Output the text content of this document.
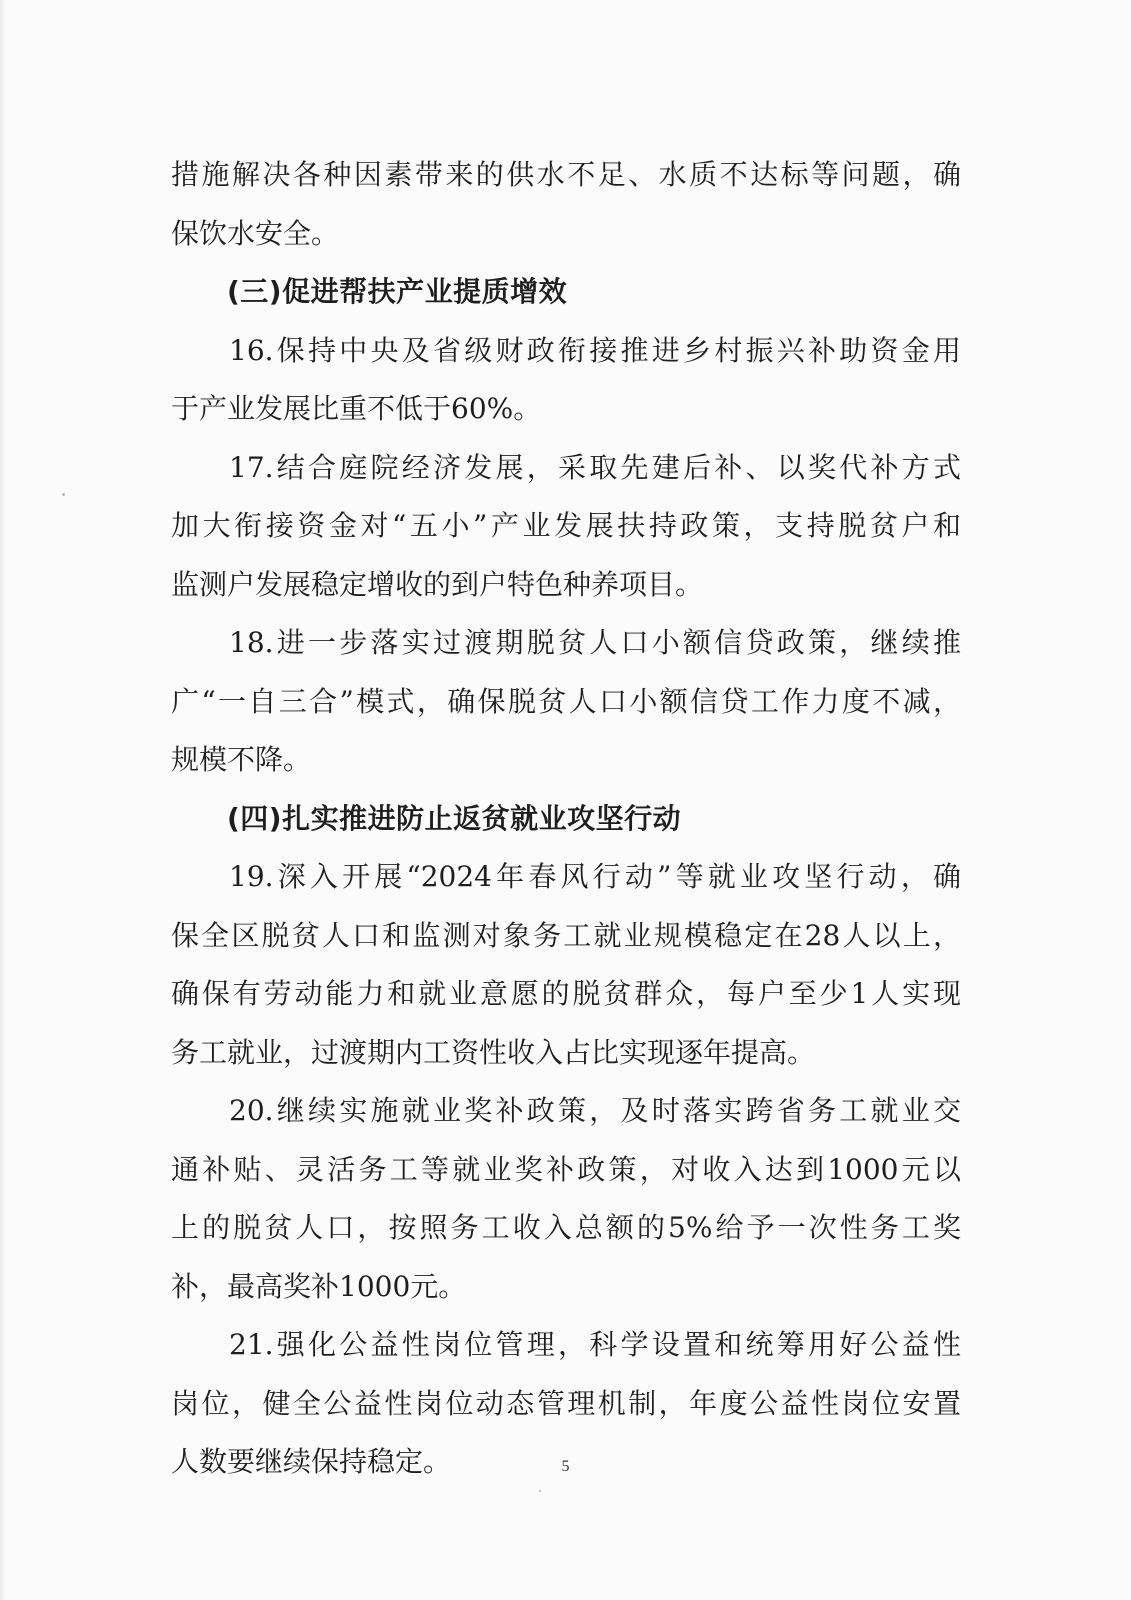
措施解决各种因素带来的供水不足、水质不达标等问题，确
保饮水安全。
(三)促进帮扶产业提质增效
16.保持中央及省级财政衔接推进乡村振兴补助资金用
于产业发展比重不低于60%。
17.结合庭院经济发展，采取先建后补、以奖代补方式
加大衔接资金对“五小”产业发展扶持政策，支持脱贫户和
监测户发展稳定增收的到户特色种养项目。
18.进一步落实过渡期脱贫人口小额信贷政策，继续推
广“一自三合”模式，确保脱贫人口小额信贷工作力度不减，
规模不降。
(四)扎实推进防止返贫就业攻坚行动
19.深入开展“2024年春风行动”等就业攻坚行动，确
保全区脱贫人口和监测对象务工就业规模稳定在28人以上，
确保有劳动能力和就业意愿的脱贫群众，每户至少1人实现
务工就业，过渡期内工资性收入占比实现逐年提高。
20.继续实施就业奖补政策，及时落实跨省务工就业交
通补贴、灵活务工等就业奖补政策，对收入达到1000元以
上的脱贫人口，按照务工收入总额的5%给予一次性务工奖
补，最高奖补1000元。
21.强化公益性岗位管理，科学设置和统筹用好公益性
岗位，健全公益性岗位动态管理机制，年度公益性岗位安置
人数要继续保持稳定。	5
